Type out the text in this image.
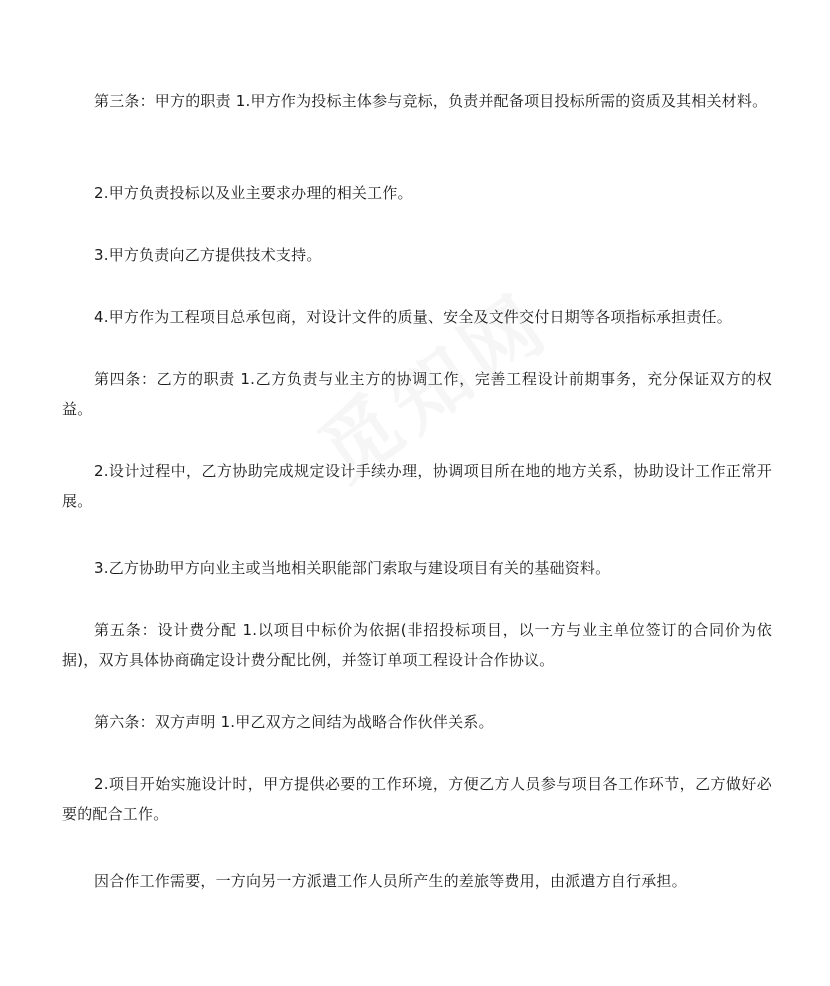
第三条：甲方的职责 1.甲方作为投标主体参与竞标，负责并配备项目投标所需的资质及其相关材料。

2.甲方负责投标以及业主要求办理的相关工作。

3.甲方负责向乙方提供技术支持。

4.甲方作为工程项目总承包商，对设计文件的质量、安全及文件交付日期等各项指标承担责任。

第四条：乙方的职责 1.乙方负责与业主方的协调工作，完善工程设计前期事务，充分保证双方的权益。

2.设计过程中，乙方协助完成规定设计手续办理，协调项目所在地的地方关系，协助设计工作正常开展。

3.乙方协助甲方向业主或当地相关职能部门索取与建设项目有关的基础资料。

第五条：设计费分配 1.以项目中标价为依据(非招投标项目，以一方与业主单位签订的合同价为依据)，双方具体协商确定设计费分配比例，并签订单项工程设计合作协议。

第六条：双方声明 1.甲乙双方之间结为战略合作伙伴关系。

2.项目开始实施设计时，甲方提供必要的工作环境，方便乙方人员参与项目各工作环节，乙方做好必要的配合工作。

因合作工作需要，一方向另一方派遣工作人员所产生的差旅等费用，由派遣方自行承担。
